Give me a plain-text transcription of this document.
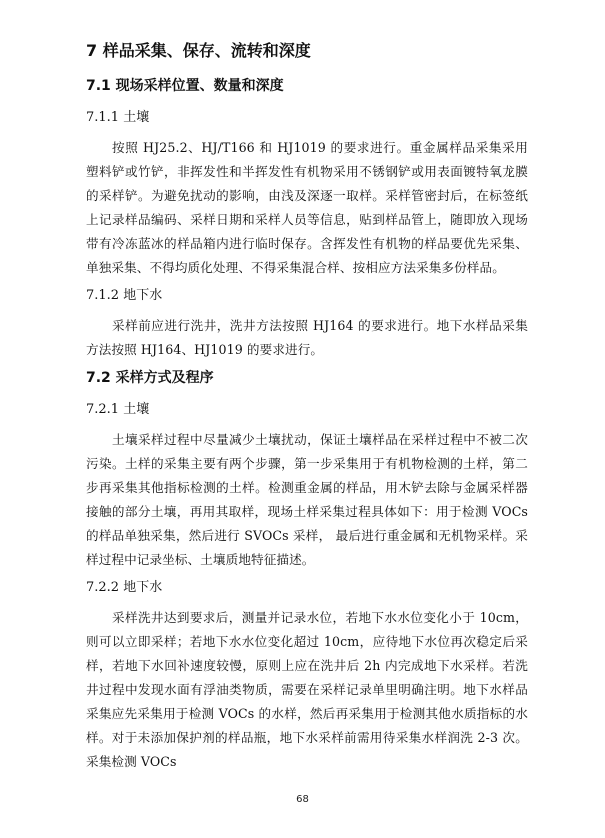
7 样品采集、保存、流转和深度
7.1 现场采样位置、数量和深度
7.1.1 土壤

按照 HJ25.2、HJ/T166 和 HJ1019 的要求进行。重金属样品采集采用塑料铲或竹铲，非挥发性和半挥发性有机物采用不锈钢铲或用表面镀特氧龙膜的采样铲。为避免扰动的影响，由浅及深逐一取样。采样管密封后，在标签纸上记录样品编码、采样日期和采样人员等信息，贴到样品管上，随即放入现场带有冷冻蓝冰的样品箱内进行临时保存。含挥发性有机物的样品要优先采集、单独采集、不得均质化处理、不得采集混合样、按相应方法采集多份样品。

7.1.2 地下水

采样前应进行洗井，洗井方法按照 HJ164 的要求进行。地下水样品采集方法按照 HJ164、HJ1019 的要求进行。

7.2 采样方式及程序
7.2.1 土壤

土壤采样过程中尽量减少土壤扰动，保证土壤样品在采样过程中不被二次污染。土样的采集主要有两个步骤，第一步采集用于有机物检测的土样，第二步再采集其他指标检测的土样。检测重金属的样品，用木铲去除与金属采样器接触的部分土壤，再用其取样，现场土样采集过程具体如下：用于检测 VOCs 的样品单独采集，然后进行 SVOCs 采样， 最后进行重金属和无机物采样。采样过程中记录坐标、土壤质地特征描述。

7.2.2 地下水

采样洗井达到要求后，测量并记录水位，若地下水水位变化小于 10cm，则可以立即采样；若地下水水位变化超过 10cm，应待地下水位再次稳定后采样，若地下水回补速度较慢，原则上应在洗井后 2h 内完成地下水采样。若洗井过程中发现水面有浮油类物质，需要在采样记录单里明确注明。地下水样品采集应先采集用于检测 VOCs 的水样，然后再采集用于检测其他水质指标的水样。对于未添加保护剂的样品瓶，地下水采样前需用待采集水样润洗 2-3 次。采集检测 VOCs

68
